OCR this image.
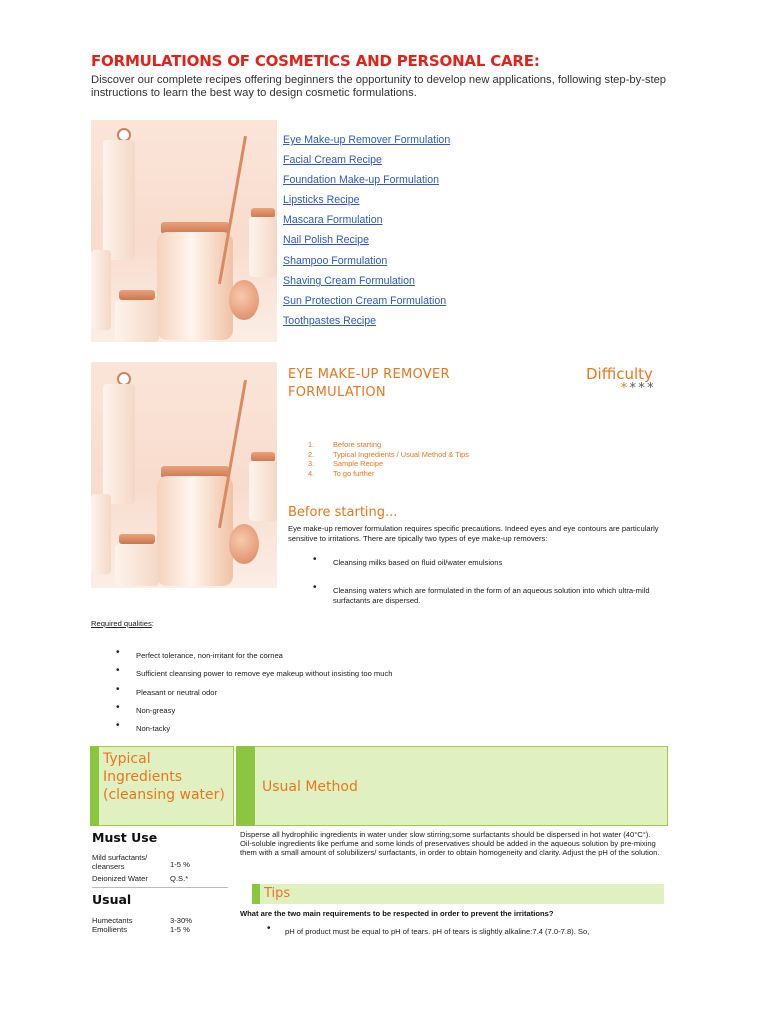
FORMULATIONS OF COSMETICS AND PERSONAL CARE:
Discover our complete recipes offering beginners the opportunity to develop new applications, following step-by-step instructions to learn the best way to design cosmetic formulations.
Eye Make-up Remover Formulation
Facial Cream Recipe
Foundation Make-up Formulation
Lipsticks Recipe
Mascara Formulation
Nail Polish Recipe
Shampoo Formulation
Shaving Cream Formulation
Sun Protection Cream Formulation
Toothpastes Recipe
EYE MAKE-UP REMOVER
FORMULATION
Difficulty
****
1.	Before starting
2.	Typical Ingredients / Usual Method & Tips
3.	Sample Recipe
4.	To go further
Before starting...
Eye make-up remover formulation requires specific precautions. Indeed eyes and eye contours are particularly sensitive to irritations. There are tipically two types of eye make-up removers:
• Cleansing milks based on fluid oil/water emulsions
• Cleansing waters which are formulated in the form of an aqueous solution into which ultra-mild surfactants are dispersed.
Required qualities:
• Perfect tolerance, non-irritant for the cornea
• Sufficient cleansing power to remove eye makeup without insisting too much
• Pleasant or neutral odor
• Non-greasy
• Non-tacky
Typical Ingredients (cleansing water)	Usual Method
Must Use
Mild surfactants/ cleansers	1-5 %
Deionized Water	Q.S.*
Usual
Humectants	3-30%
Emollients	1-5 %
Disperse all hydrophilic ingredients in water under slow stirring;some surfactants should be dispersed in hot water (40°C°). Oil-soluble ingredients like perfume and some kinds of preservatives should be added in the aqueous solution by pre-mixing them with a small amount of solubilizers/ surfactants, in order to obtain homogeneity and clarity. Adjust the pH of the solution.
Tips
What are the two main requirements to be respected in order to prevent the irritations?
• pH of product must be equal to pH of tears. pH of tears is slightly alkaline:7.4 (7.0-7.8). So,
